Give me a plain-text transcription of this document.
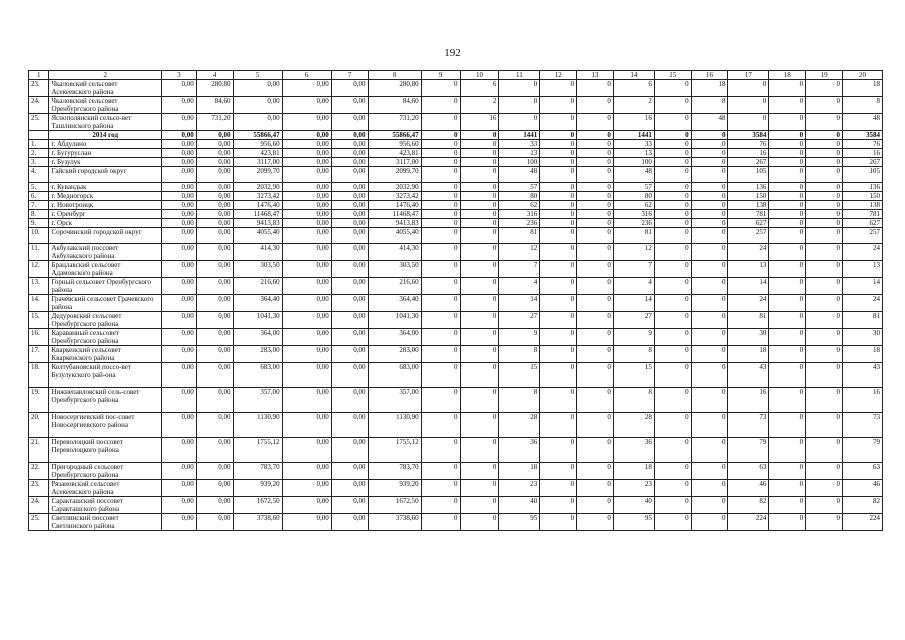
192
1	2	3	4	5	6	7	8	9	10	11	12	13	14	15	16	17	18	19	20
23.	Чкаловский сельсовет Асекеевского района	0,00	280,80	0,00	0,00	0,00	280,80	0	6	0	0	0	6	0	18	0	0	0	18
24.	Чкаловский сельсовет Оренбургского района	0,00	84,60	0,00	0,00	0,00	84,60	0	2	0	0	0	2	0	8	0	0	0	8
25.	Яснополянский сельсо-вет Ташлинского района	0,00	731,20	0,00	0,00	0,00	731,20	0	16	0	0	0	16	0	48	0	0	0	48
	2014 год	0,00	0,00	55866,47	0,00	0,00	55866,47	0	0	1441	0	0	1441	0	0	3584	0	0	3584
1.	г. Абдулино	0,00	0,00	956,60	0,00	0,00	956,60	0	0	33	0	0	33	0	0	76	0	0	76
2.	г. Бугуруслан	0,00	0,00	423,81	0,00	0,00	423,81	0	0	13	0	0	13	0	0	16	0	0	16
3.	г. Бузулук	0,00	0,00	3117,00	0,00	0,00	3117,00	0	0	100	0	0	100	0	0	267	0	0	267
4.	Гайский городской округ	0,00	0,00	2099,70	0,00	0,00	2099,70	0	0	48	0	0	48	0	0	105	0	0	105
5.	г. Кувандык	0,00	0,00	2032,90	0,00	0,00	2032,90	0	0	57	0	0	57	0	0	136	0	0	136
6.	г. Медногорск	0,00	0,00	3273,42	0,00	0,00	3273,42	0	0	80	0	0	80	0	0	150	0	0	150
7.	г. Новотроицк	0,00	0,00	1476,40	0,00	0,00	1476,40	0	0	62	0	0	62	0	0	138	0	0	138
8.	г. Оренбург	0,00	0,00	11468,47	0,00	0,00	11468,47	0	0	316	0	0	316	0	0	781	0	0	781
9.	г. Орск	0,00	0,00	9413,83	0,00	0,00	9413,83	0	0	236	0	0	236	0	0	627	0	0	627
10.	Сорочинский городской округ	0,00	0,00	4055,40	0,00	0,00	4055,40	0	0	81	0	0	81	0	0	257	0	0	257
11.	Акбулакский поссовет Акбулакского района	0,00	0,00	414,30	0,00	0,00	414,30	0	0	12	0	0	12	0	0	24	0	0	24
12.	Брацлавский сельсовет Адамовского района	0,00	0,00	303,50	0,00	0,00	303,50	0	0	7	0	0	7	0	0	13	0	0	13
13.	Горный сельсовет Оренбургского района	0,00	0,00	216,60	0,00	0,00	216,60	0	0	4	0	0	4	0	0	14	0	0	14
14.	Грачевский сельсовет Грачевского района	0,00	0,00	364,40	0,00	0,00	364,40	0	0	14	0	0	14	0	0	24	0	0	24
15.	Дедуровский сельсовет Оренбургского района	0,00	0,00	1041,30	0,00	0,00	1041,30	0	0	27	0	0	27	0	0	81	0	0	81
16.	Караванный сельсовет Оренбургского района	0,00	0,00	364,00	0,00	0,00	364,00	0	0	9	0	0	9	0	0	30	0	0	30
17.	Кваркенский сельсовет Кваркенского района	0,00	0,00	283,00	0,00	0,00	283,00	0	0	8	0	0	8	0	0	18	0	0	18
18.	Колтубановский поссо-вет Бузулукского рай-она	0,00	0,00	683,00	0,00	0,00	683,00	0	0	15	0	0	15	0	0	43	0	0	43
19.	Нижнепавловский сель-совет Оренбургского района	0,00	0,00	357,00	0,00	0,00	357,00	0	0	8	0	0	8	0	0	16	0	0	16
20.	Новосергиевский пос-совет Новосергиевского района	0,00	0,00	1130,90	0,00	0,00	1130,90	0	0	28	0	0	28	0	0	73	0	0	73
21.	Переволоцкий поссовет Переволоцкого района	0,00	0,00	1755,12	0,00	0,00	1755,12	0	0	36	0	0	36	0	0	79	0	0	79
22.	Пригородный сельсовет Оренбургского района	0,00	0,00	783,70	0,00	0,00	783,70	0	0	18	0	0	18	0	0	63	0	0	63
23.	Рязановский сельсовет Асекеевского района	0,00	0,00	939,20	0,00	0,00	939,20	0	0	23	0	0	23	0	0	46	0	0	46
24.	Саракташский поссовет Саракташского района	0,00	0,00	1672,50	0,00	0,00	1672,50	0	0	40	0	0	40	0	0	82	0	0	82
25.	Светлинский поссовет Светлинского района	0,00	0,00	3738,60	0,00	0,00	3738,60	0	0	95	0	0	95	0	0	224	0	0	224
